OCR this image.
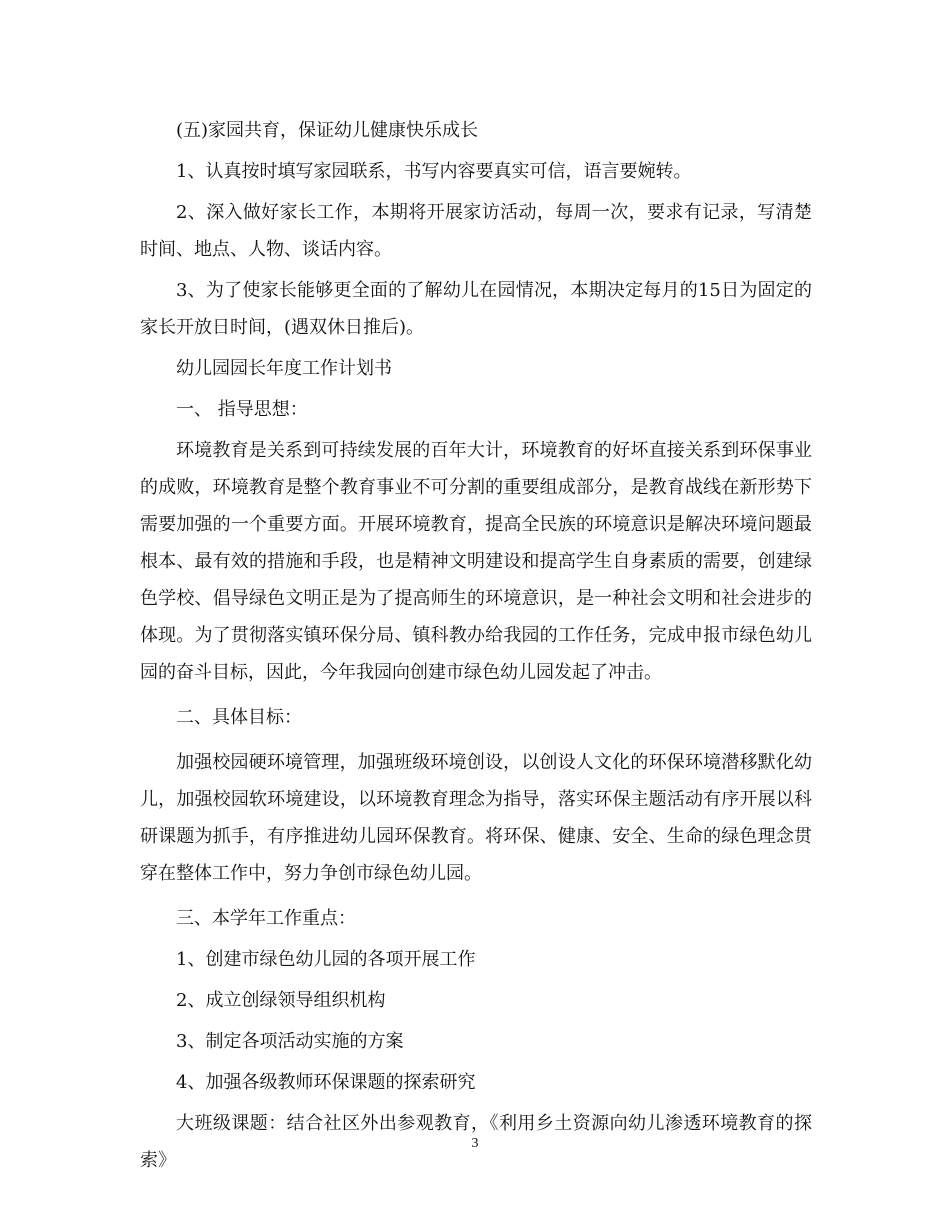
(五)家园共育，保证幼儿健康快乐成长

1、认真按时填写家园联系，书写内容要真实可信，语言要婉转。

2、深入做好家长工作，本期将开展家访活动，每周一次，要求有记录，写清楚时间、地点、人物、谈话内容。

3、为了使家长能够更全面的了解幼儿在园情况，本期决定每月的15日为固定的家长开放日时间，(遇双休日推后)。

幼儿园园长年度工作计划书

一、 指导思想：

环境教育是关系到可持续发展的百年大计，环境教育的好坏直接关系到环保事业的成败，环境教育是整个教育事业不可分割的重要组成部分，是教育战线在新形势下需要加强的一个重要方面。开展环境教育，提高全民族的环境意识是解决环境问题最根本、最有效的措施和手段，也是精神文明建设和提高学生自身素质的需要，创建绿色学校、倡导绿色文明正是为了提高师生的环境意识，是一种社会文明和社会进步的体现。为了贯彻落实镇环保分局、镇科教办给我园的工作任务，完成申报市绿色幼儿园的奋斗目标，因此，今年我园向创建市绿色幼儿园发起了冲击。

二、具体目标：

加强校园硬环境管理，加强班级环境创设，以创设人文化的环保环境潜移默化幼儿，加强校园软环境建设，以环境教育理念为指导，落实环保主题活动有序开展以科研课题为抓手，有序推进幼儿园环保教育。将环保、健康、安全、生命的绿色理念贯穿在整体工作中，努力争创市绿色幼儿园。

三、本学年工作重点：

1、创建市绿色幼儿园的各项开展工作

2、成立创绿领导组织机构

3、制定各项活动实施的方案

4、加强各级教师环保课题的探索研究

大班级课题：结合社区外出参观教育，《利用乡土资源向幼儿渗透环境教育的探索》

3
